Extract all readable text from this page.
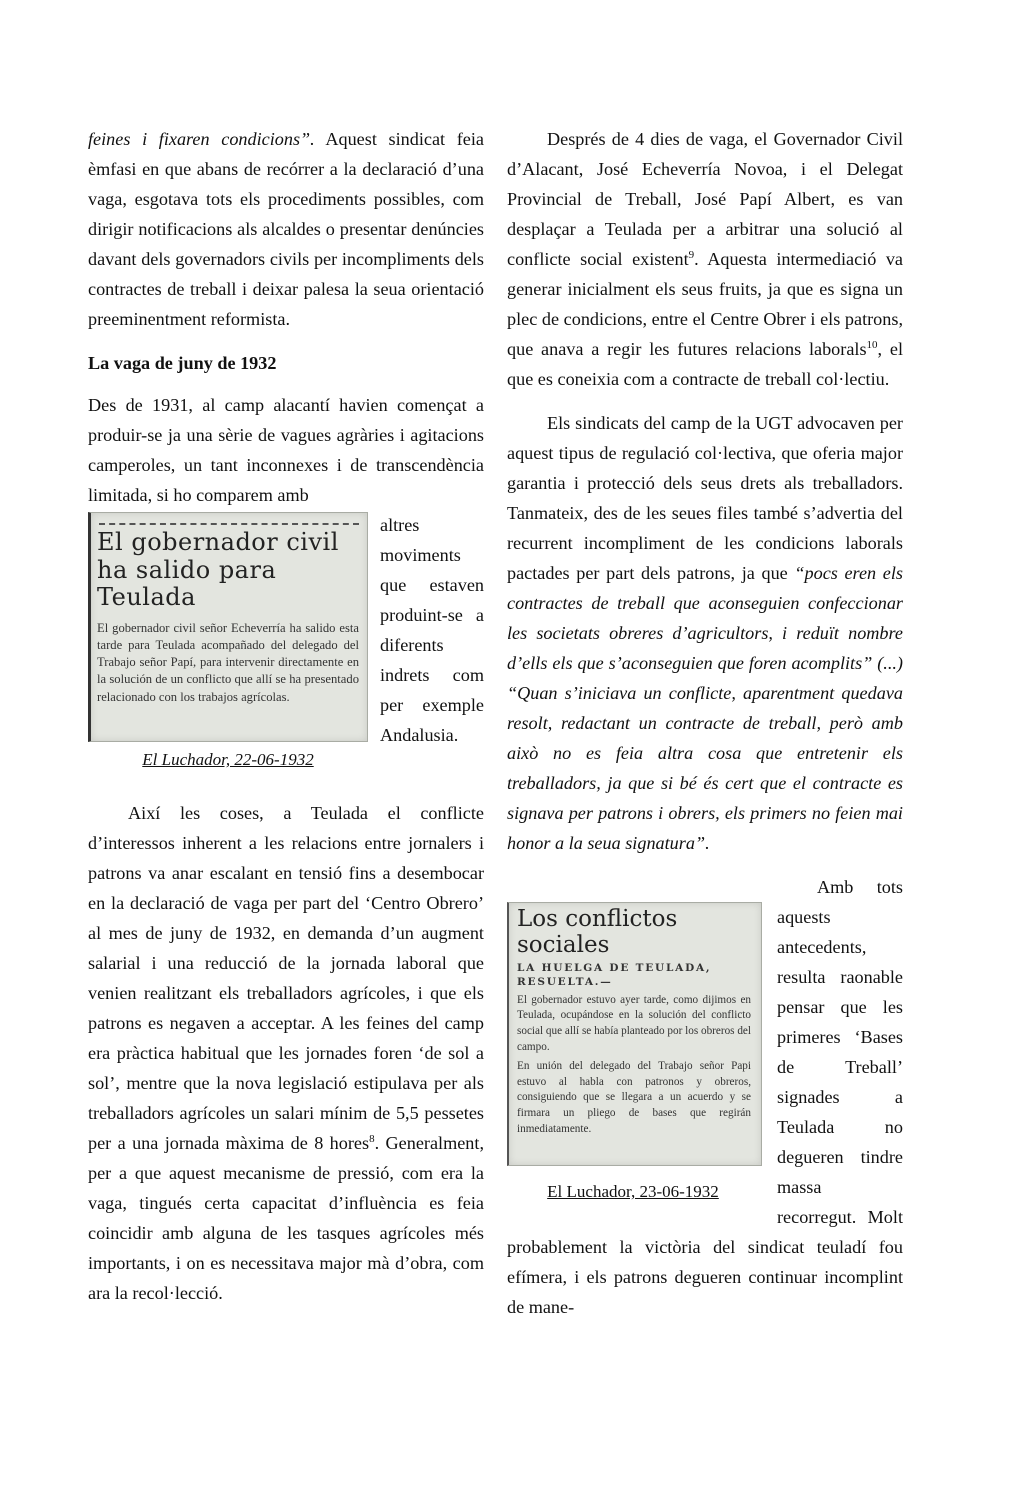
feines i fixaren condicions”. Aquest sindicat feia èmfasi en que abans de recórrer a la declaració d’una vaga, esgotava tots els procediments possibles, com dirigir notificacions als alcaldes o presentar denúncies davant dels governadors civils per incompliments dels contractes de treball i deixar palesa la seua orientació preeminentment reformista.

La vaga de juny de 1932

Des de 1931, al camp alacantí havien començat a produir-se ja una sèrie de vagues agràries i agitacions camperoles, un tant inconnexes i de transcendència limitada, si ho comparem amb

El gobernador civil ha salido para Teulada
El gobernador civil señor Echeverría ha salido esta tarde para Teulada acompañado del delegado del Trabajo señor Papí, para intervenir directamente en la solución de un conflicto que allí se ha presentado relacionado con los trabajos agrícolas.
El Luchador, 22-06-1932

altres moviments que estaven produint-se a diferents indrets com per exemple Andalusia.

Així les coses, a Teulada el conflicte d’interessos inherent a les relacions entre jornalers i patrons va anar escalant en tensió fins a desembocar en la declaració de vaga per part del ‘Centro Obrero’ al mes de juny de 1932, en demanda d’un augment salarial i una reducció de la jornada laboral que venien realitzant els treballadors agrícoles, i que els patrons es negaven a acceptar. A les feines del camp era pràctica habitual que les jornades foren ‘de sol a sol’, mentre que la nova legislació estipulava per als treballadors agrícoles un salari mínim de 5,5 pessetes per a una jornada màxima de 8 hores$^8$. Generalment, per a que aquest mecanisme de pressió, com era la vaga, tingués certa capacitat d’influència es feia coincidir amb alguna de les tasques agrícoles més importants, i on es necessitava major mà d’obra, com ara la recol·lecció.

Després de 4 dies de vaga, el Governador Civil d’Alacant, José Echeverría Novoa, i el Delegat Provincial de Treball, José Papí Albert, es van desplaçar a Teulada per a arbitrar una solució al conflicte social existent$^9$. Aquesta intermediació va generar inicialment els seus fruits, ja que es signa un plec de condicions, entre el Centre Obrer i els patrons, que anava a regir les futures relacions laborals$^{10}$, el que es coneixia com a contracte de treball col·lectiu.

Els sindicats del camp de la UGT advocaven per aquest tipus de regulació col·lectiva, que oferia major garantia i protecció dels seus drets als treballadors. Tanmateix, des de les seues files també s’advertia del recurrent incompliment de les condicions laborals pactades per part dels patrons, ja que “pocs eren els contractes de treball que aconseguien confeccionar les societats obreres d’agricultors, i reduït nombre d’ells els que s’aconseguien que foren acomplits” (...) “Quan s’iniciava un conflicte, aparentment quedava resolt, redactant un contracte de treball, però amb això no es feia altra cosa que entretenir els treballadors, ja que si bé és cert que el contracte es signava per patrons i obrers, els primers no feien mai honor a la seua signatura”.

Los conflictos sociales
LA HUELGA DE TEULADA, RESUELTA.—
El gobernador estuvo ayer tarde, como dijimos en Teulada, ocupándose en la solución del conflicto social que allí se había planteado por los obreros del campo.
En unión del delegado del Trabajo señor Papi estuvo al habla con patronos y obreros, consiguiendo que se llegara a un acuerdo y se firmara un pliego de bases que regirán inmediatamente.
El Luchador, 23-06-1932

Amb tots aquests antecedents, resulta raonable pensar que les primeres ‘Bases de Treball’ signades a Teulada no degueren tindre massa recorregut. Molt probablement la victòria del sindicat teuladí fou efímera, i els patrons degueren continuar incomplint de mane-
